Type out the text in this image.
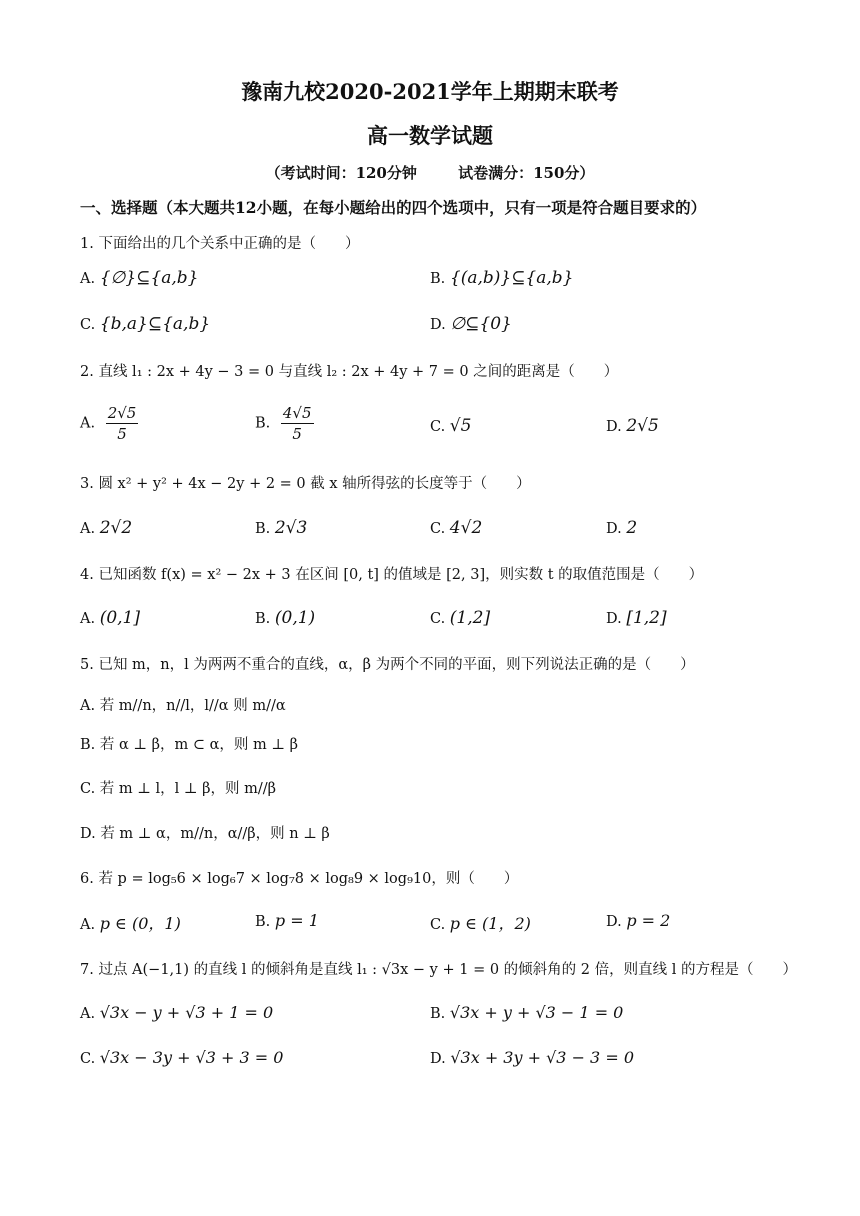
豫南九校2020-2021学年上期期末联考
高一数学试题
（考试时间：120分钟	试卷满分：150分）
一、选择题（本大题共12小题，在每小题给出的四个选项中，只有一项是符合题目要求的）
1. 下面给出的几个关系中正确的是（　　）
A. {∅}⊆{a,b}	B. {(a,b)}⊆{a,b}
C. {b,a}⊆{a,b}	D. ∅⊆{0}
2. 直线 l₁ : 2x + 4y − 3 = 0 与直线 l₂ : 2x + 4y + 7 = 0 之间的距离是（　　）
A. $\frac{2√5}{5}$	B. $\frac{4√5}{5}$	C. √5	D. 2√5
3. 圆 x² + y² + 4x − 2y + 2 = 0 截 x 轴所得弦的长度等于（　　）
A. 2√2	B. 2√3	C. 4√2	D. 2
4. 已知函数 f(x) = x² − 2x + 3 在区间 [0, t] 的值域是 [2, 3]，则实数 t 的取值范围是（　　）
A. (0,1]	B. (0,1)	C. (1,2]	D. [1,2]
5. 已知 m，n，l 为两两不重合的直线，α，β 为两个不同的平面，则下列说法正确的是（　　）
A. 若 m//n，n//l，l//α 则 m//α
B. 若 α ⊥ β，m ⊂ α，则 m ⊥ β
C. 若 m ⊥ l，l ⊥ β，则 m//β
D. 若 m ⊥ α，m//n，α//β，则 n ⊥ β
6. 若 p = log₅6 × log₆7 × log₇8 × log₈9 × log₉10，则（　　）
A. p ∈ (0，1)	B. p = 1	C. p ∈ (1，2)	D. p = 2
7. 过点 A(−1,1) 的直线 l 的倾斜角是直线 l₁ : √3x − y + 1 = 0 的倾斜角的 2 倍，则直线 l 的方程是（　　）
A. √3x − y + √3 + 1 = 0	B. √3x + y + √3 − 1 = 0
C. √3x − 3y + √3 + 3 = 0	D. √3x + 3y + √3 − 3 = 0
